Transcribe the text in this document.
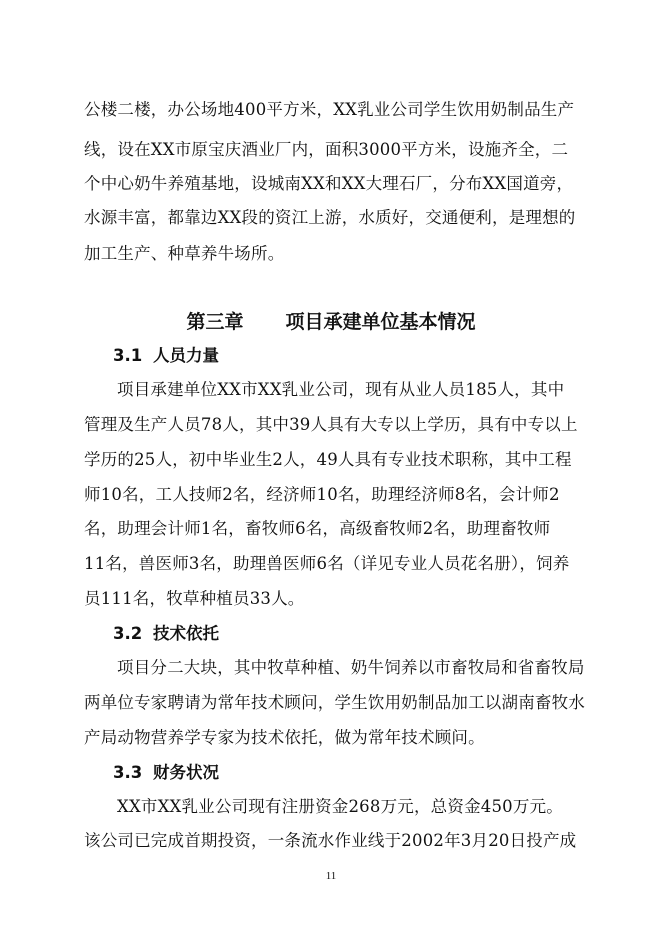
公楼二楼，办公场地400平方米，XX乳业公司学生饮用奶制品生产
线，设在XX市原宝庆酒业厂内，面积3000平方米，设施齐全，二
个中心奶牛养殖基地，设城南XX和XX大理石厂，分布XX国道旁，
水源丰富，都靠边XX段的资江上游，水质好，交通便利，是理想的
加工生产、种草养牛场所。
第三章 项目承建单位基本情况
3.1 人员力量
项目承建单位XX市XX乳业公司，现有从业人员185人，其中
管理及生产人员78人，其中39人具有大专以上学历，具有中专以上
学历的25人，初中毕业生2人，49人具有专业技术职称，其中工程
师10名，工人技师2名，经济师10名，助理经济师8名，会计师2
名，助理会计师1名，畜牧师6名，高级畜牧师2名，助理畜牧师
11名，兽医师3名，助理兽医师6名（详见专业人员花名册），饲养
员111名，牧草种植员33人。
3.2 技术依托
项目分二大块，其中牧草种植、奶牛饲养以市畜牧局和省畜牧局
两单位专家聘请为常年技术顾问，学生饮用奶制品加工以湖南畜牧水
产局动物营养学专家为技术依托，做为常年技术顾问。
3.3 财务状况
XX市XX乳业公司现有注册资金268万元，总资金450万元。
该公司已完成首期投资，一条流水作业线于2002年3月20日投产成
11
